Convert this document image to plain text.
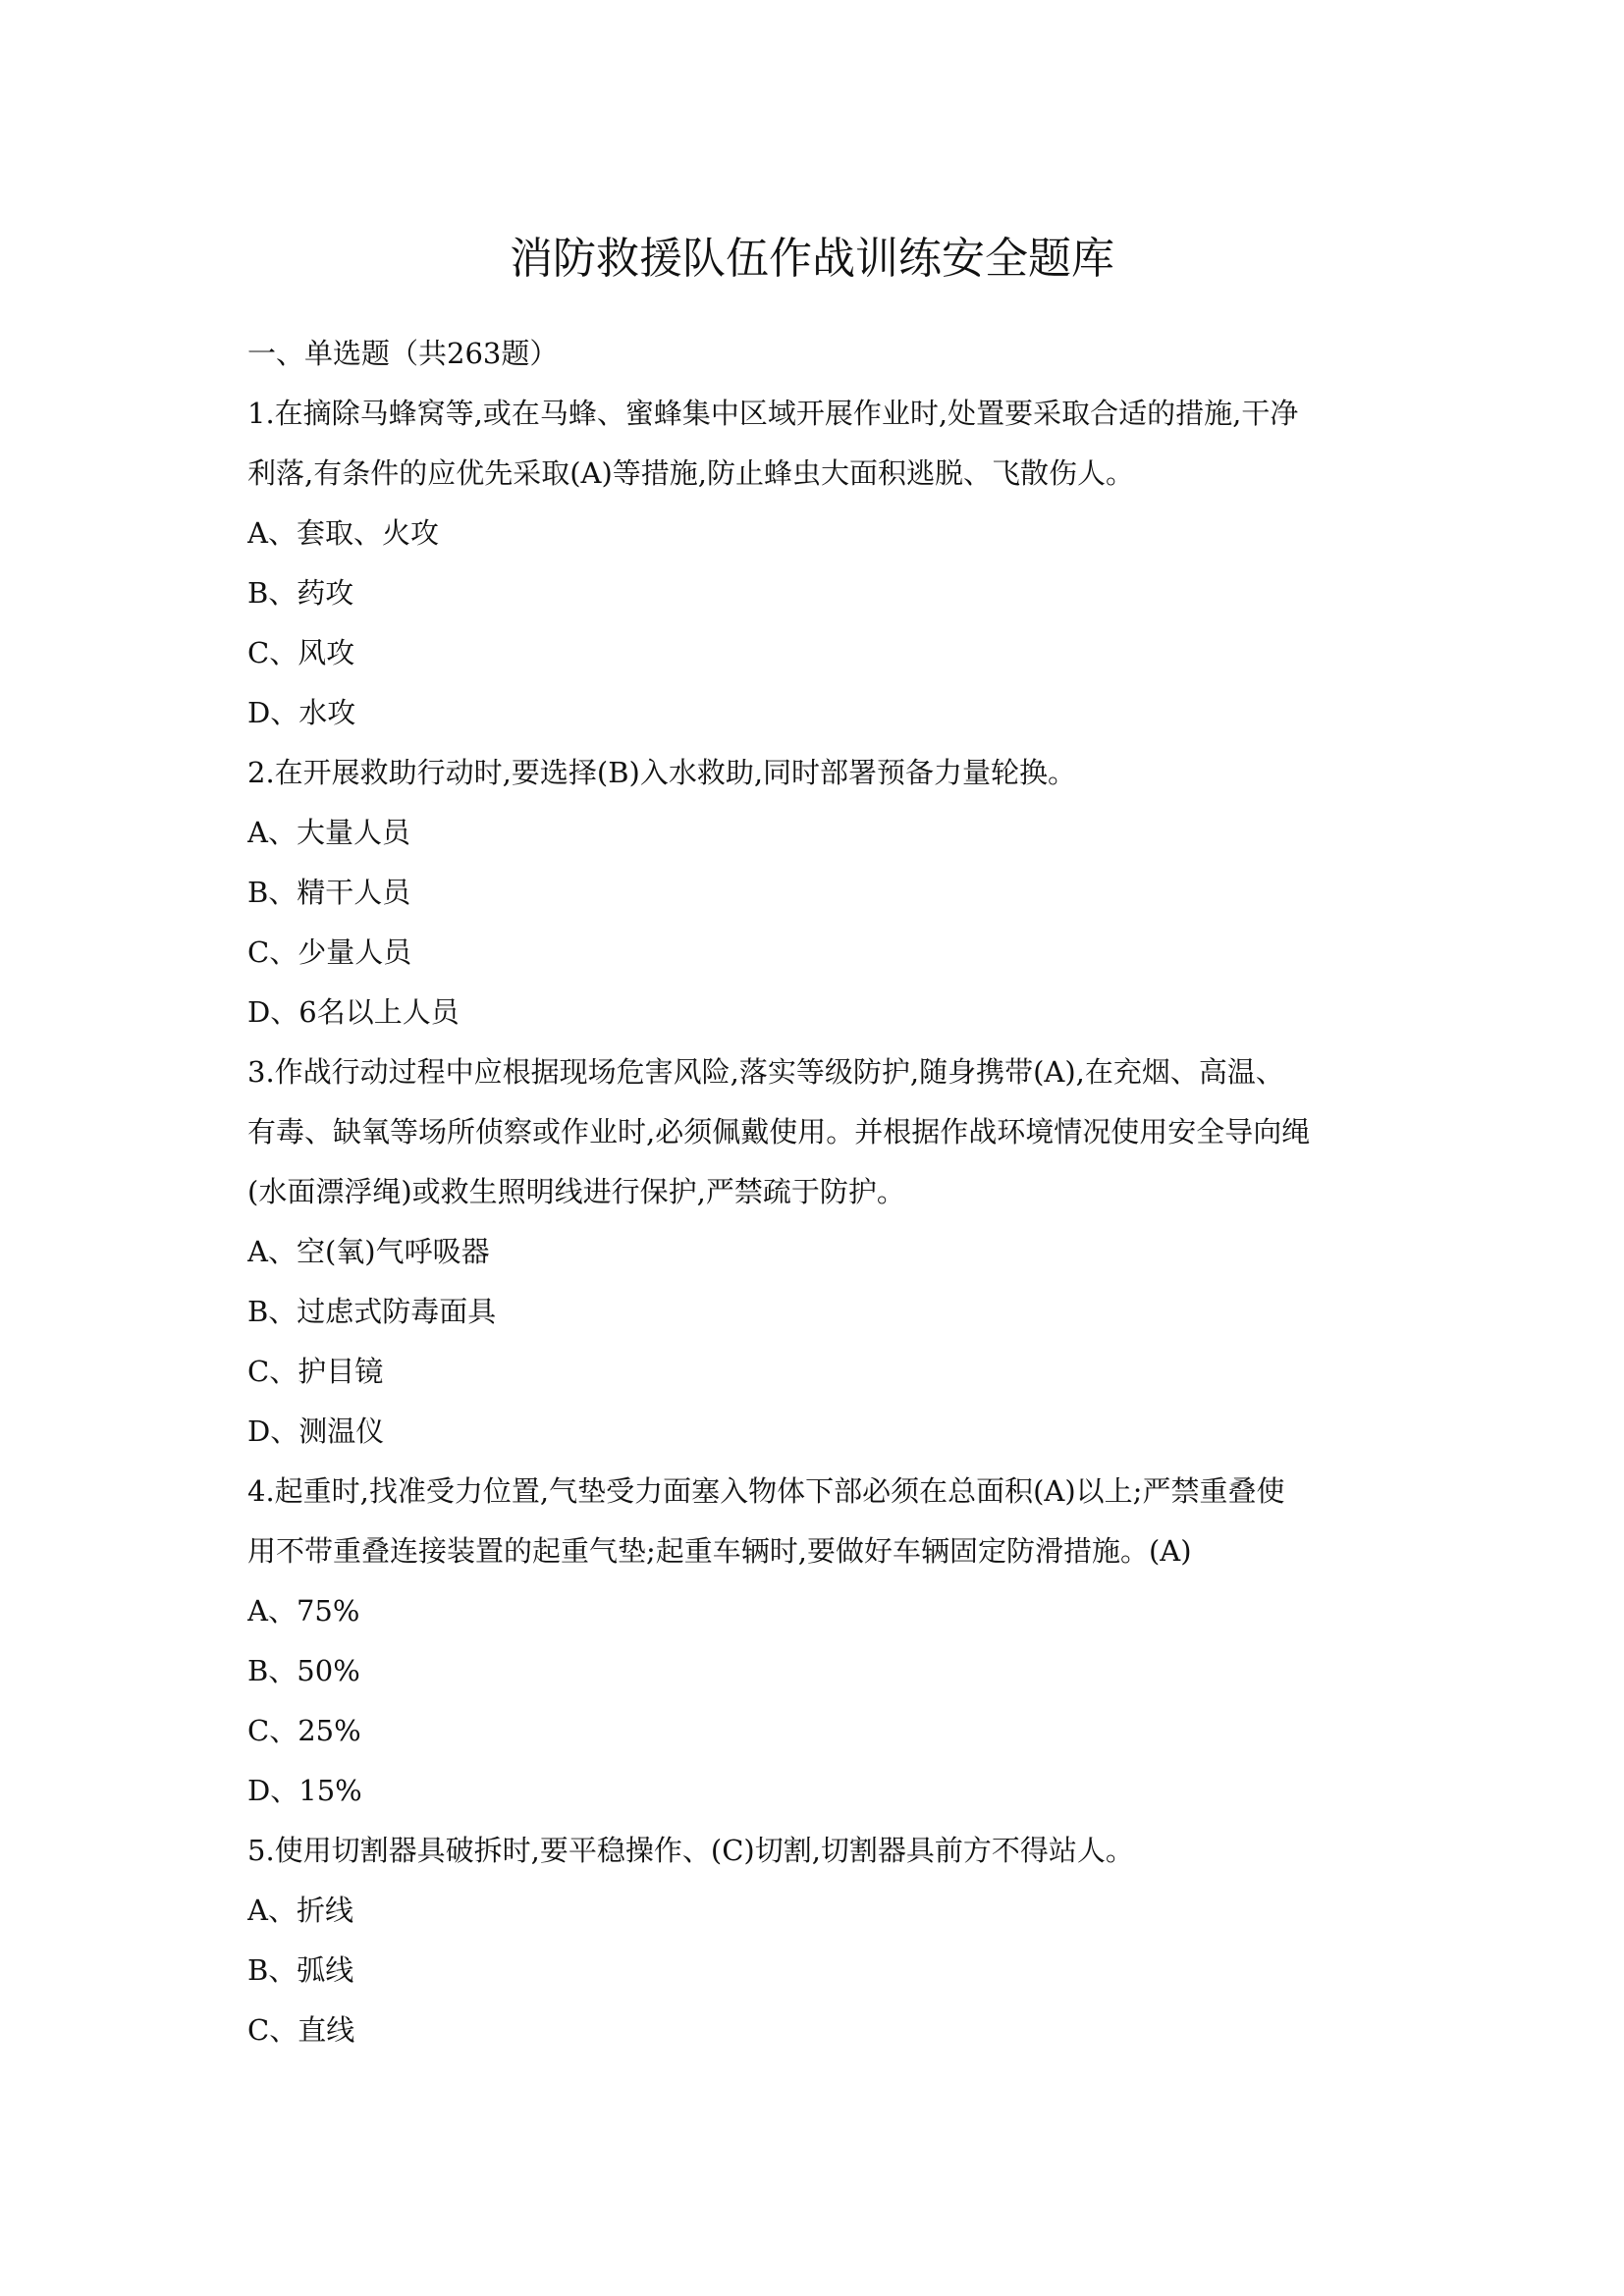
消防救援队伍作战训练安全题库
一、单选题（共263题）
1.在摘除马蜂窝等,或在马蜂、蜜蜂集中区域开展作业时,处置要采取合适的措施,干净
利落,有条件的应优先采取(A)等措施,防止蜂虫大面积逃脱、飞散伤人。
A、套取、火攻
B、药攻
C、风攻
D、水攻
2.在开展救助行动时,要选择(B)入水救助,同时部署预备力量轮换。
A、大量人员
B、精干人员
C、少量人员
D、6名以上人员
3.作战行动过程中应根据现场危害风险,落实等级防护,随身携带(A),在充烟、高温、
有毒、缺氧等场所侦察或作业时,必须佩戴使用。并根据作战环境情况使用安全导向绳
(水面漂浮绳)或救生照明线进行保护,严禁疏于防护。
A、空(氧)气呼吸器
B、过虑式防毒面具
C、护目镜
D、测温仪
4.起重时,找准受力位置,气垫受力面塞入物体下部必须在总面积(A)以上;严禁重叠使
用不带重叠连接装置的起重气垫;起重车辆时,要做好车辆固定防滑措施。(A)
A、75%
B、50%
C、25%
D、15%
5.使用切割器具破拆时,要平稳操作、(C)切割,切割器具前方不得站人。
A、折线
B、弧线
C、直线
